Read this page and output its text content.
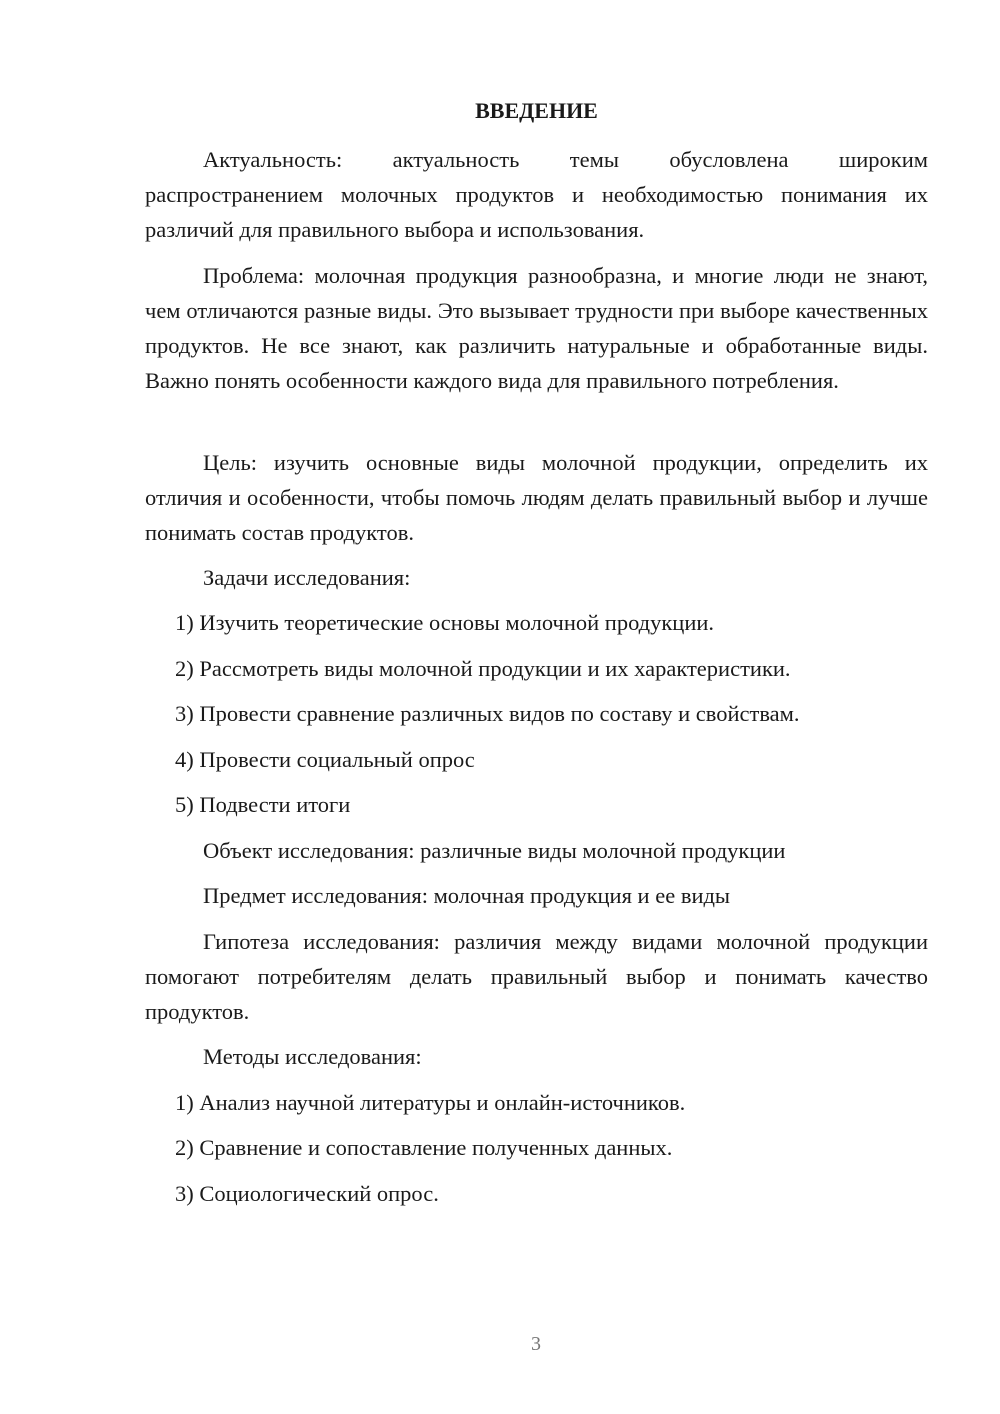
ВВЕДЕНИЕ

Актуальность: актуальность темы обусловлена широким распространением молочных продуктов и необходимостью понимания их различий для правильного выбора и использования.

Проблема: молочная продукция разнообразна, и многие люди не знают, чем отличаются разные виды. Это вызывает трудности при выборе качественных продуктов. Не все знают, как различить натуральные и обработанные виды. Важно понять особенности каждого вида для правильного потребления.

Цель: изучить основные виды молочной продукции, определить их отличия и особенности, чтобы помочь людям делать правильный выбор и лучше понимать состав продуктов.

Задачи исследования:

1) Изучить теоретические основы молочной продукции.

2) Рассмотреть виды молочной продукции и их характеристики.

3) Провести сравнение различных видов по составу и свойствам.

4) Провести социальный опрос

5) Подвести итоги

Объект исследования: различные виды молочной продукции

Предмет исследования: молочная продукция и ее виды

Гипотеза исследования: различия между видами молочной продукции помогают потребителям делать правильный выбор и понимать качество продуктов.

Методы исследования:

1) Анализ научной литературы и онлайн-источников.

2) Сравнение и сопоставление полученных данных.

3) Социологический опрос.

3
